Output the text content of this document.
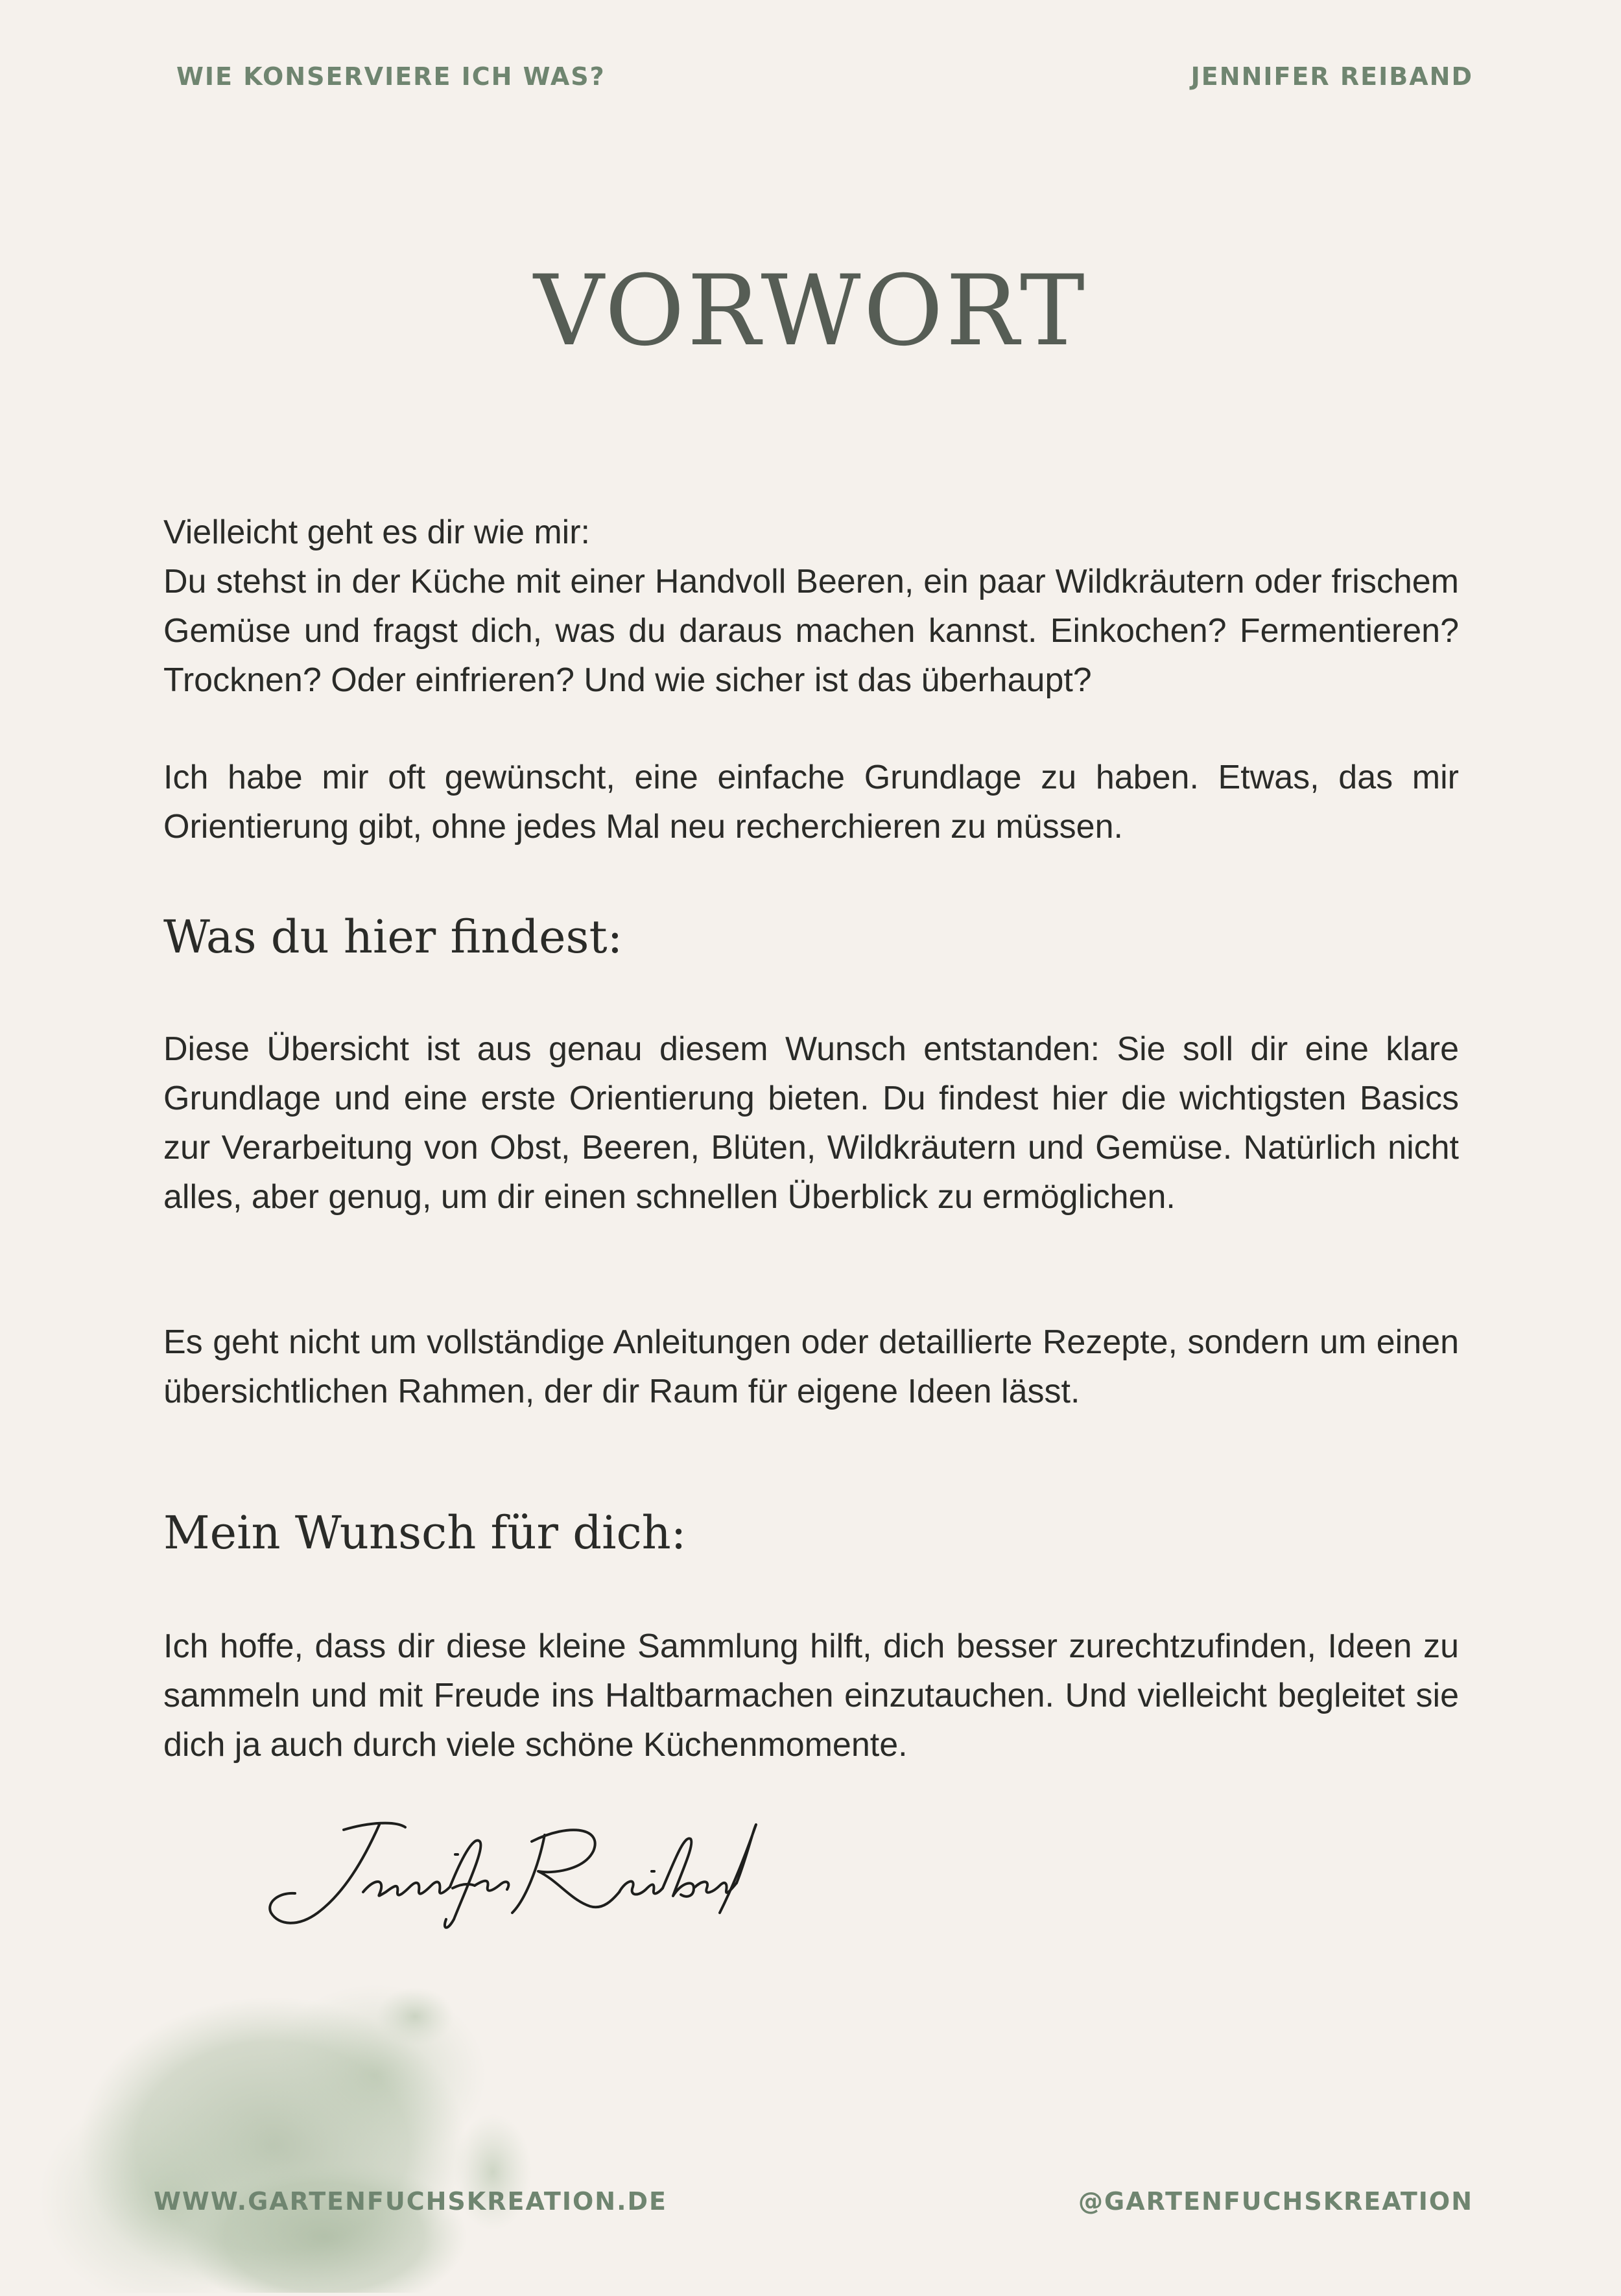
WIE KONSERVIERE ICH WAS?	JENNIFER REIBAND
VORWORT

Vielleicht geht es dir wie mir:

Du stehst in der Küche mit einer Handvoll Beeren, ein paar Wildkräutern oder frischem Gemüse und fragst dich, was du daraus machen kannst. Einkochen? Fermentieren? Trocknen? Oder einfrieren? Und wie sicher ist das überhaupt?

Ich habe mir oft gewünscht, eine einfache Grundlage zu haben. Etwas, das mir Orientierung gibt, ohne jedes Mal neu recherchieren zu müssen.

Was du hier findest:

Diese Übersicht ist aus genau diesem Wunsch entstanden: Sie soll dir eine klare Grundlage und eine erste Orientierung bieten. Du findest hier die wichtigsten Basics zur Verarbeitung von Obst, Beeren, Blüten, Wildkräutern und Gemüse. Natürlich nicht alles, aber genug, um dir einen schnellen Überblick zu ermöglichen.

Es geht nicht um vollständige Anleitungen oder detaillierte Rezepte, sondern um einen übersichtlichen Rahmen, der dir Raum für eigene Ideen lässt.

Mein Wunsch für dich:

Ich hoffe, dass dir diese kleine Sammlung hilft, dich besser zurechtzufinden, Ideen zu sammeln und mit Freude ins Haltbarmachen einzutauchen. Und vielleicht begleitet sie dich ja auch durch viele schöne Küchenmomente.

WWW.GARTENFUCHSKREATION.DE	@GARTENFUCHSKREATION
